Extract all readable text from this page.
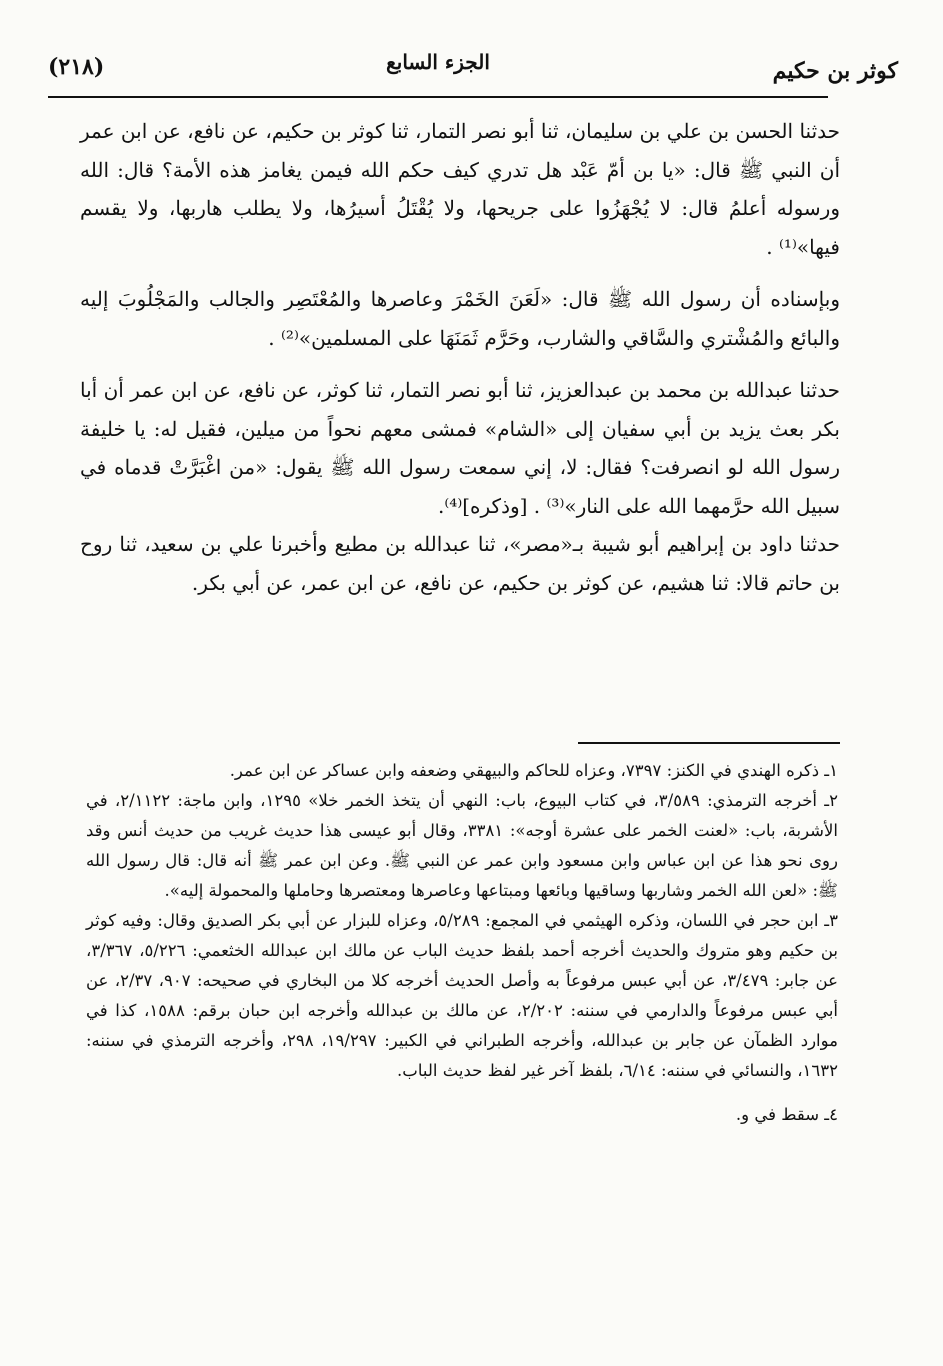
(٢١٨)	الجزء السابع	كوثر بن حكيم

حدثنا الحسن بن علي بن سليمان، ثنا أبو نصر التمار، ثنا كوثر بن حكيم، عن نافع، عن ابن عمر أن النبي ﷺ قال: «يا بن أمّ عَبْد هل تدري كيف حكم الله فيمن يغامز هذه الأمة؟ قال: الله ورسوله أعلمُ قال: لا يُجْهَزُوا على جريحها، ولا يُقْتَلُ أسيرُها، ولا يطلب هاربها، ولا يقسم فيها»⁽¹⁾ .

وبإسناده أن رسول الله ﷺ قال: «لَعَنَ الخَمْرَ وعاصرها والمُعْتَصِر والجالب والمَجْلُوبَ إليه والبائع والمُشْتري والسَّاقي والشارب، وحَرَّم ثَمَنَهَا على المسلمين»⁽²⁾ .

حدثنا عبدالله بن محمد بن عبدالعزيز، ثنا أبو نصر التمار، ثنا كوثر، عن نافع، عن ابن عمر أن أبا بكر بعث يزيد بن أبي سفيان إلى «الشام» فمشى معهم نحواً من ميلين، فقيل له: يا خليفة رسول الله لو انصرفت؟ فقال: لا، إني سمعت رسول الله ﷺ يقول: «من اغْبَرَّتْ قدماه في سبيل الله حرَّمهما الله على النار»⁽³⁾ . [وذكره]⁽⁴⁾.

حدثنا داود بن إبراهيم أبو شيبة بـ«مصر»، ثنا عبدالله بن مطيع وأخبرنا علي بن سعيد، ثنا روح بن حاتم قالا: ثنا هشيم، عن كوثر بن حكيم، عن نافع، عن ابن عمر، عن أبي بكر.

١ـ ذكره الهندي في الكنز: ٧٣٩٧، وعزاه للحاكم والبيهقي وضعفه وابن عساكر عن ابن عمر.

٢ـ أخرجه الترمذي: ٣/٥٨٩، في كتاب البيوع، باب: النهي أن يتخذ الخمر خلا» ١٢٩٥، وابن ماجة: ٢/١١٢٢، في الأشربة، باب: «لعنت الخمر على عشرة أوجه»: ٣٣٨١، وقال أبو عيسى هذا حديث غريب من حديث أنس وقد روى نحو هذا عن ابن عباس وابن مسعود وابن عمر عن النبي ﷺ. وعن ابن عمر ﷺ أنه قال: قال رسول الله ﷺ: «لعن الله الخمر وشاربها وساقيها وبائعها ومبتاعها وعاصرها ومعتصرها وحاملها والمحمولة إليه».

٣ـ ابن حجر في اللسان، وذكره الهيثمي في المجمع: ٥/٢٨٩، وعزاه للبزار عن أبي بكر الصديق وقال: وفيه كوثر بن حكيم وهو متروك والحديث أخرجه أحمد بلفظ حديث الباب عن مالك ابن عبدالله الخثعمي: ٥/٢٢٦، ٣/٣٦٧، عن جابر: ٣/٤٧٩، عن أبي عبس مرفوعاً به وأصل الحديث أخرجه كلا من البخاري في صحيحه: ٩٠٧، ٢/٣٧، عن أبي عبس مرفوعاً والدارمي في سننه: ٢/٢٠٢، عن مالك بن عبدالله وأخرجه ابن حبان برقم: ١٥٨٨، كذا في موارد الظمآن عن جابر بن عبدالله، وأخرجه الطبراني في الكبير: ١٩/٢٩٧، ٢٩٨، وأخرجه الترمذي في سننه: ١٦٣٢، والنسائي في سننه: ٦/١٤، بلفظ آخر غير لفظ حديث الباب.

٤ـ سقط في و.
